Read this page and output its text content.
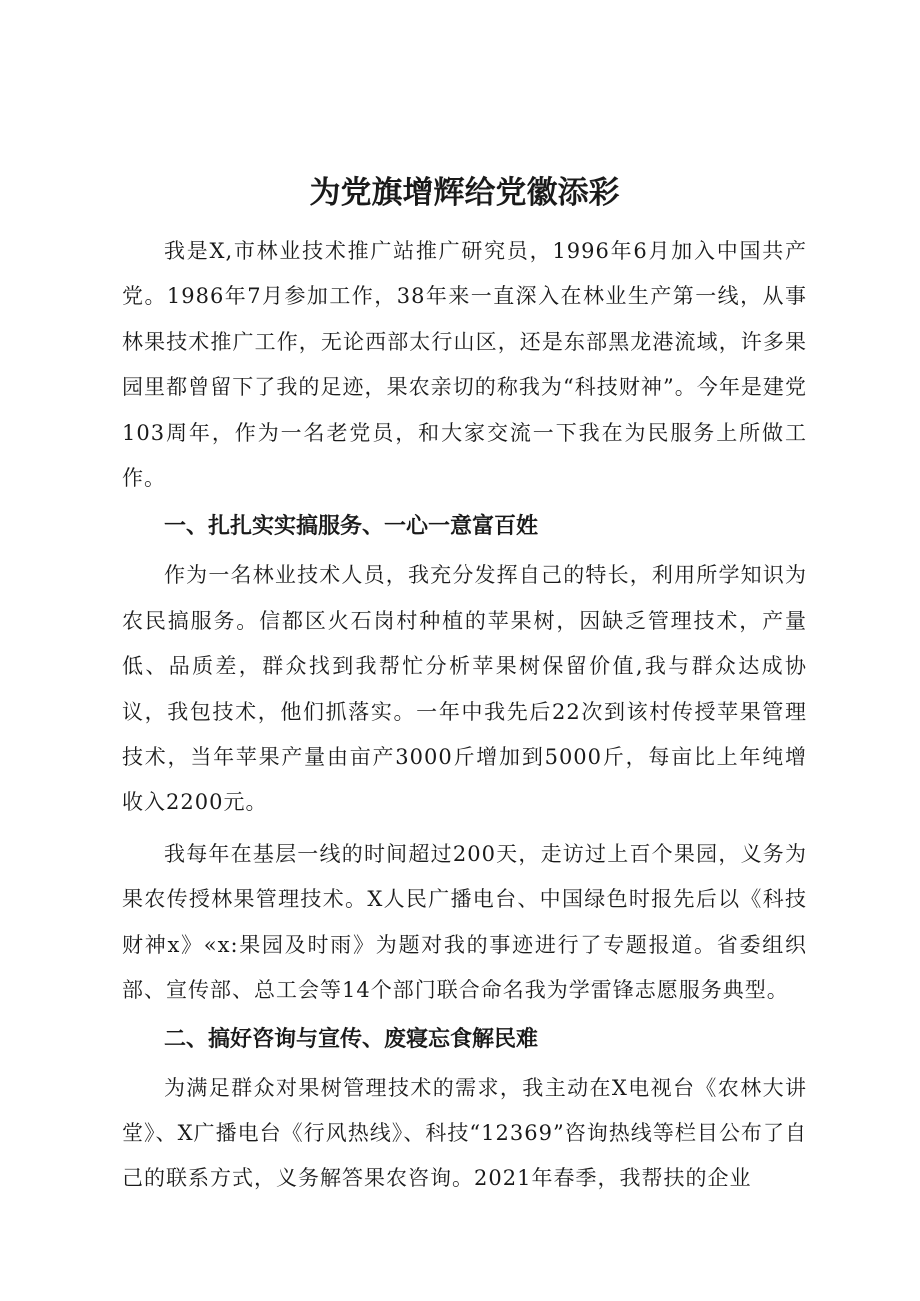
为党旗增辉给党徽添彩

我是X,市林业技术推广站推广研究员，1996年6月加入中国共产党。1986年7月参加工作，38年来一直深入在林业生产第一线，从事林果技术推广工作，无论西部太行山区，还是东部黑龙港流域，许多果园里都曾留下了我的足迹，果农亲切的称我为“科技财神”。今年是建党103周年，作为一名老党员，和大家交流一下我在为民服务上所做工作。

一、扎扎实实搞服务、一心一意富百姓

作为一名林业技术人员，我充分发挥自己的特长，利用所学知识为农民搞服务。信都区火石岗村种植的苹果树，因缺乏管理技术，产量低、品质差，群众找到我帮忙分析苹果树保留价值,我与群众达成协议，我包技术，他们抓落实。一年中我先后22次到该村传授苹果管理技术，当年苹果产量由亩产3000斤增加到5000斤，每亩比上年纯增收入2200元。

我每年在基层一线的时间超过200天，走访过上百个果园，义务为果农传授林果管理技术。X人民广播电台、中国绿色时报先后以《科技财神x》«x:果园及时雨》为题对我的事迹进行了专题报道。省委组织部、宣传部、总工会等14个部门联合命名我为学雷锋志愿服务典型。

二、搞好咨询与宣传、废寝忘食解民难

为满足群众对果树管理技术的需求，我主动在X电视台《农林大讲堂》、X广播电台《行风热线》、科技“12369”咨询热线等栏目公布了自己的联系方式，义务解答果农咨询。2021年春季，我帮扶的企业
